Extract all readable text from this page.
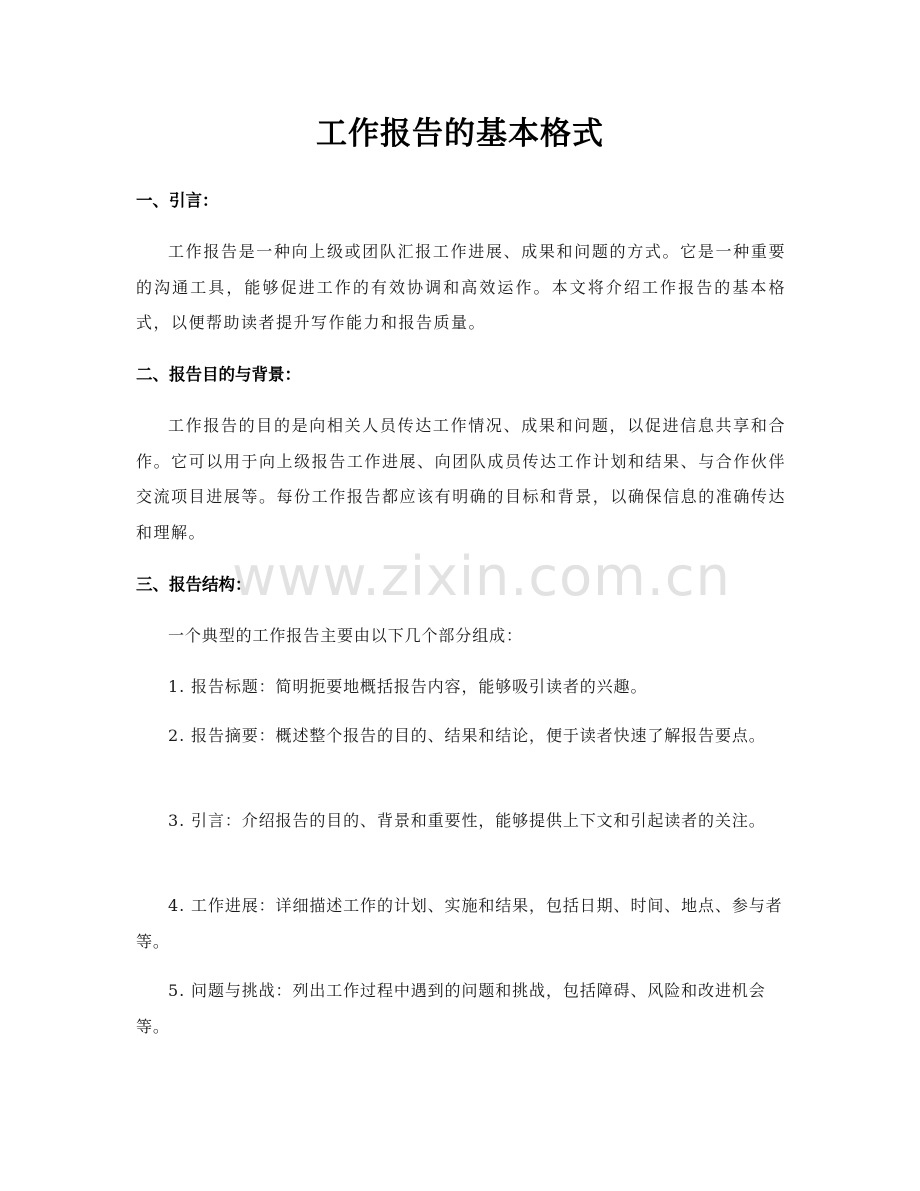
工作报告的基本格式
一、引言：

工作报告是一种向上级或团队汇报工作进展、成果和问题的方式。它是一种重要的沟通工具，能够促进工作的有效协调和高效运作。本文将介绍工作报告的基本格式，以便帮助读者提升写作能力和报告质量。

二、报告目的与背景：

工作报告的目的是向相关人员传达工作情况、成果和问题，以促进信息共享和合作。它可以用于向上级报告工作进展、向团队成员传达工作计划和结果、与合作伙伴交流项目进展等。每份工作报告都应该有明确的目标和背景，以确保信息的准确传达和理解。

三、报告结构：

一个典型的工作报告主要由以下几个部分组成：

1. 报告标题：简明扼要地概括报告内容，能够吸引读者的兴趣。

2. 报告摘要：概述整个报告的目的、结果和结论，便于读者快速了解报告要点。

3. 引言：介绍报告的目的、背景和重要性，能够提供上下文和引起读者的关注。

4. 工作进展：详细描述工作的计划、实施和结果，包括日期、时间、地点、参与者等。

5. 问题与挑战：列出工作过程中遇到的问题和挑战，包括障碍、风险和改进机会等。

www.zixin.com.cn
